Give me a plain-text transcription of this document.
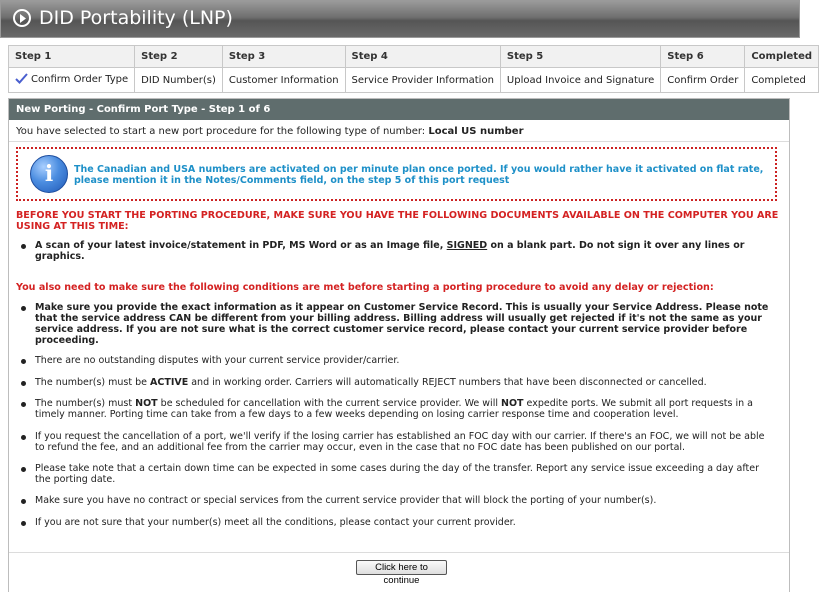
DID Portability (LNP)
Step 1	Step 2	Step 3	Step 4	Step 5	Step 6	Completed
Confirm Order Type	DID Number(s)	Customer Information	Service Provider Information	Upload Invoice and Signature	Confirm Order	Completed
New Porting - Confirm Port Type - Step 1 of 6
You have selected to start a new port procedure for the following type of number: Local US number
i	The Canadian and USA numbers are activated on per minute plan once ported. If you would rather have it activated on flat rate, please mention it in the Notes/Comments field, on the step 5 of this port request
BEFORE YOU START THE PORTING PROCEDURE, MAKE SURE YOU HAVE THE FOLLOWING DOCUMENTS AVAILABLE ON THE COMPUTER YOU ARE USING AT THIS TIME:
A scan of your latest invoice/statement in PDF, MS Word or as an Image file, SIGNED on a blank part. Do not sign it over any lines or graphics.
You also need to make sure the following conditions are met before starting a porting procedure to avoid any delay or rejection:
Make sure you provide the exact information as it appear on Customer Service Record. This is usually your Service Address. Please note that the service address CAN be different from your billing address. Billing address will usually get rejected if it's not the same as your service address. If you are not sure what is the correct customer service record, please contact your current service provider before proceeding.
There are no outstanding disputes with your current service provider/carrier.
The number(s) must be ACTIVE and in working order. Carriers will automatically REJECT numbers that have been disconnected or cancelled.
The number(s) must NOT be scheduled for cancellation with the current service provider. We will NOT expedite ports. We submit all port requests in a timely manner. Porting time can take from a few days to a few weeks depending on losing carrier response time and cooperation level.
If you request the cancellation of a port, we'll verify if the losing carrier has established an FOC day with our carrier. If there's an FOC, we will not be able to refund the fee, and an additional fee from the carrier may occur, even in the case that no FOC date has been published on our portal.
Please take note that a certain down time can be expected in some cases during the day of the transfer. Report any service issue exceeding a day after the porting date.
Make sure you have no contract or special services from the current service provider that will block the porting of your number(s).
If you are not sure that your number(s) meet all the conditions, please contact your current provider.
Click here to continue
